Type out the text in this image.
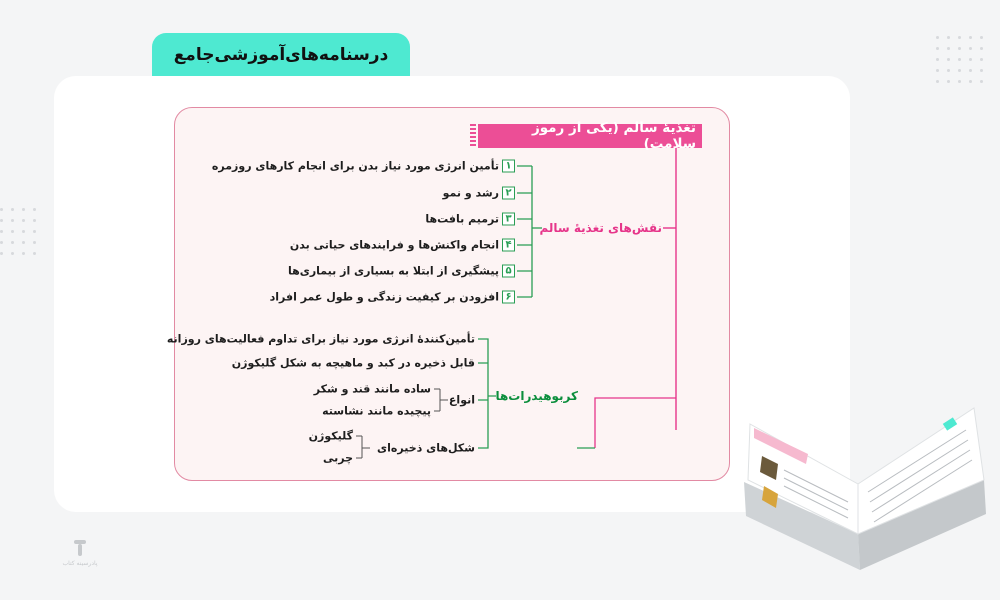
درسنامه‌های‌آموزشی‌جامع
تغذیهٔ سالم (یکی از رموز سلامت)
نقش‌های تغذیهٔ سالم
۱
تأمین انرژی مورد نیاز بدن برای انجام کارهای روزمره
۲
رشد و نمو
۳
ترمیم بافت‌ها
۴
انجام واکنش‌ها و فرایندهای حیاتی بدن
۵
پیشگیری از ابتلا به بسیاری از بیماری‌ها
۶
افزودن بر کیفیت زندگی و طول عمر افراد
کربوهیدرات‌ها
تأمین‌کنندهٔ انرژی مورد نیاز برای تداوم فعالیت‌های روزانه
قابل ذخیره در کبد و ماهیچه به شکل گلیکوژن
انواع
ساده مانند قند و شکر
پیچیده مانند نشاسته
شکل‌های ذخیره‌ای
گلیکوژن
چربی
پادرسینه کتاب
